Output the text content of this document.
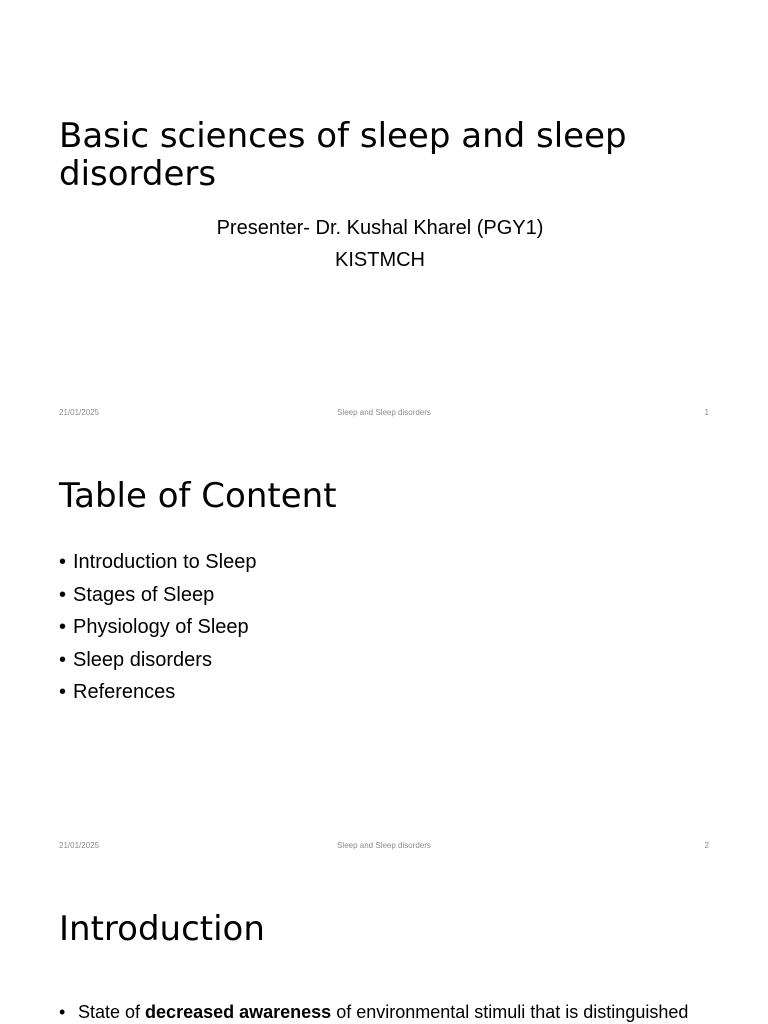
Basic sciences of sleep and sleep disorders
Presenter- Dr. Kushal Kharel (PGY1)
KISTMCH
21/01/2025	Sleep and Sleep disorders	1
Table of Content
• Introduction to Sleep
• Stages of Sleep
• Physiology of Sleep
• Sleep disorders
• References
21/01/2025	Sleep and Sleep disorders	2
Introduction
• State of decreased awareness of environmental stimuli that is distinguished
